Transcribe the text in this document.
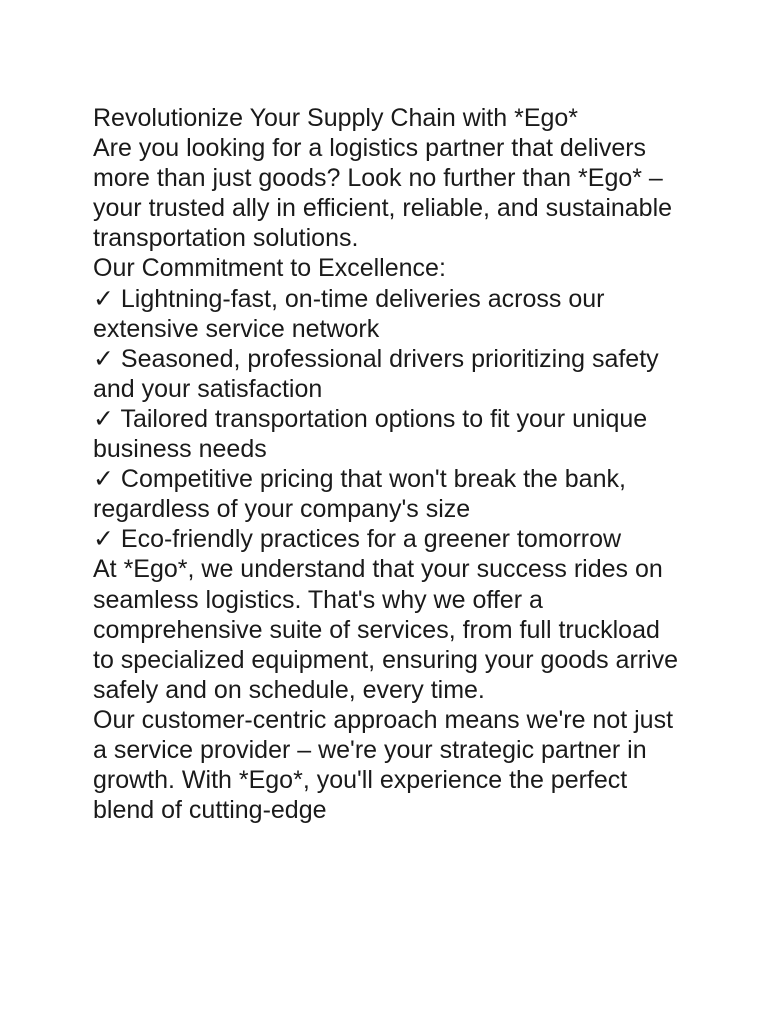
Revolutionize Your Supply Chain with *Ego*

Are you looking for a logistics partner that delivers more than just goods? Look no further than *Ego* – your trusted ally in efficient, reliable, and sustainable transportation solutions.

Our Commitment to Excellence:

✓ Lightning-fast, on-time deliveries across our extensive service network
✓ Seasoned, professional drivers prioritizing safety and your satisfaction
✓ Tailored transportation options to fit your unique business needs
✓ Competitive pricing that won't break the bank, regardless of your company's size
✓ Eco-friendly practices for a greener tomorrow

At *Ego*, we understand that your success rides on seamless logistics. That's why we offer a comprehensive suite of services, from full truckload to specialized equipment, ensuring your goods arrive safely and on schedule, every time.

Our customer-centric approach means we're not just a service provider – we're your strategic partner in growth. With *Ego*, you'll experience the perfect blend of cutting-edge
